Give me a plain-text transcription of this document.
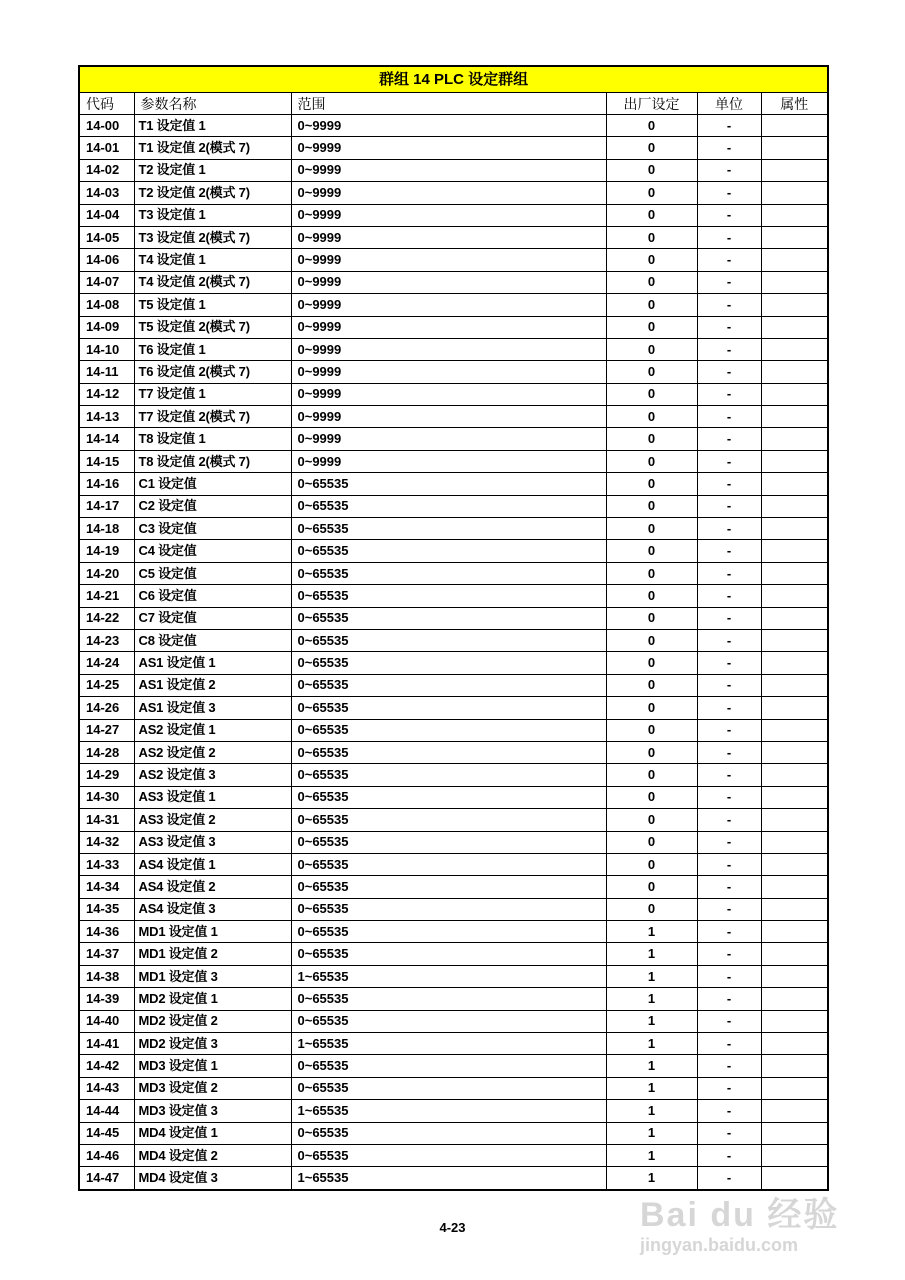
群组 14 PLC 设定群组					
代码	参数名称	范围	出厂设定	单位	属性
14-00	T1 设定值 1	0~9999	0	-	
14-01	T1 设定值 2(模式 7)	0~9999	0	-	
14-02	T2 设定值 1	0~9999	0	-	
14-03	T2 设定值 2(模式 7)	0~9999	0	-	
14-04	T3 设定值 1	0~9999	0	-	
14-05	T3 设定值 2(模式 7)	0~9999	0	-	
14-06	T4 设定值 1	0~9999	0	-	
14-07	T4 设定值 2(模式 7)	0~9999	0	-	
14-08	T5 设定值 1	0~9999	0	-	
14-09	T5 设定值 2(模式 7)	0~9999	0	-	
14-10	T6 设定值 1	0~9999	0	-	
14-11	T6 设定值 2(模式 7)	0~9999	0	-	
14-12	T7 设定值 1	0~9999	0	-	
14-13	T7 设定值 2(模式 7)	0~9999	0	-	
14-14	T8 设定值 1	0~9999	0	-	
14-15	T8 设定值 2(模式 7)	0~9999	0	-	
14-16	C1 设定值	0~65535	0	-	
14-17	C2 设定值	0~65535	0	-	
14-18	C3 设定值	0~65535	0	-	
14-19	C4 设定值	0~65535	0	-	
14-20	C5 设定值	0~65535	0	-	
14-21	C6 设定值	0~65535	0	-	
14-22	C7 设定值	0~65535	0	-	
14-23	C8 设定值	0~65535	0	-	
14-24	AS1 设定值 1	0~65535	0	-	
14-25	AS1 设定值 2	0~65535	0	-	
14-26	AS1 设定值 3	0~65535	0	-	
14-27	AS2 设定值 1	0~65535	0	-	
14-28	AS2 设定值 2	0~65535	0	-	
14-29	AS2 设定值 3	0~65535	0	-	
14-30	AS3 设定值 1	0~65535	0	-	
14-31	AS3 设定值 2	0~65535	0	-	
14-32	AS3 设定值 3	0~65535	0	-	
14-33	AS4 设定值 1	0~65535	0	-	
14-34	AS4 设定值 2	0~65535	0	-	
14-35	AS4 设定值 3	0~65535	0	-	
14-36	MD1 设定值 1	0~65535	1	-	
14-37	MD1 设定值 2	0~65535	1	-	
14-38	MD1 设定值 3	1~65535	1	-	
14-39	MD2 设定值 1	0~65535	1	-	
14-40	MD2 设定值 2	0~65535	1	-	
14-41	MD2 设定值 3	1~65535	1	-	
14-42	MD3 设定值 1	0~65535	1	-	
14-43	MD3 设定值 2	0~65535	1	-	
14-44	MD3 设定值 3	1~65535	1	-	
14-45	MD4 设定值 1	0~65535	1	-	
14-46	MD4 设定值 2	0~65535	1	-	
14-47	MD4 设定值 3	1~65535	1	-	
4-23	Bai du 经验
jingyan.baidu.com
